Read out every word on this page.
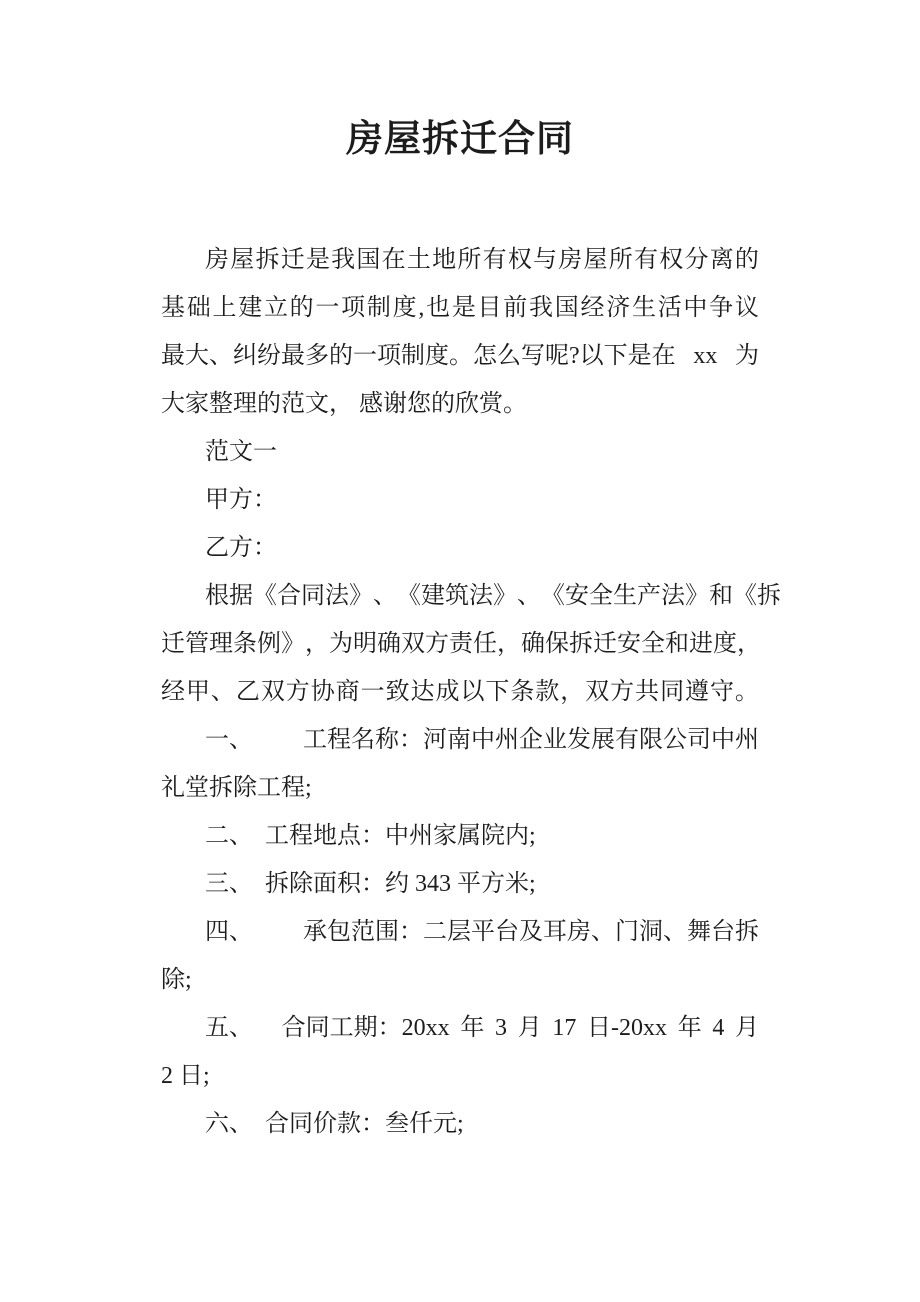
房屋拆迁合同
房 屋 拆 迁 是 我 国 在 土 地 所 有 权 与 房 屋 所 有 权 分 离 的
基 础 上 建 立 的 一 项 制 度 , 也 是 目 前 我 国 经 济 生 活 中 争 议
最 大 、 纠 纷 最 多 的 一 项 制 度 。 怎 么 写 呢 ? 以 下 是 在
xx
为
大家整理的范文， 感谢您的欣赏。
范文一
甲方：
乙方：
根 据 《 合 同 法 》 、 《 建 筑 法 》 、 《 安 全 生 产 法 》 和 《 拆
迁 管 理 条 例 》 ， 为 明 确 双 方 责 任 ， 确 保 拆 迁 安 全 和 进 度 ，
经 甲 、 乙 双 方 协 商 一 致 达 成 以 下 条 款 ， 双 方 共 同 遵 守 。
一 、
　　 工 程 名 称 ： 河 南 中 州 企 业 发 展 有 限 公 司 中 州
礼堂拆除工程;
二、　工程地点：中州家属院内;
三、　拆除面积：约 343 平方米;
四 、
　 承 包 范 围 ： 二 层 平 台 及 耳 房 、 门 洞 、 舞 台 拆
除;
五 、
　 合 同 工 期 ： 20xx
年
3
月
17
日 -20xx
年
4
月
2 日;
六、　合同价款：叁仟元;
